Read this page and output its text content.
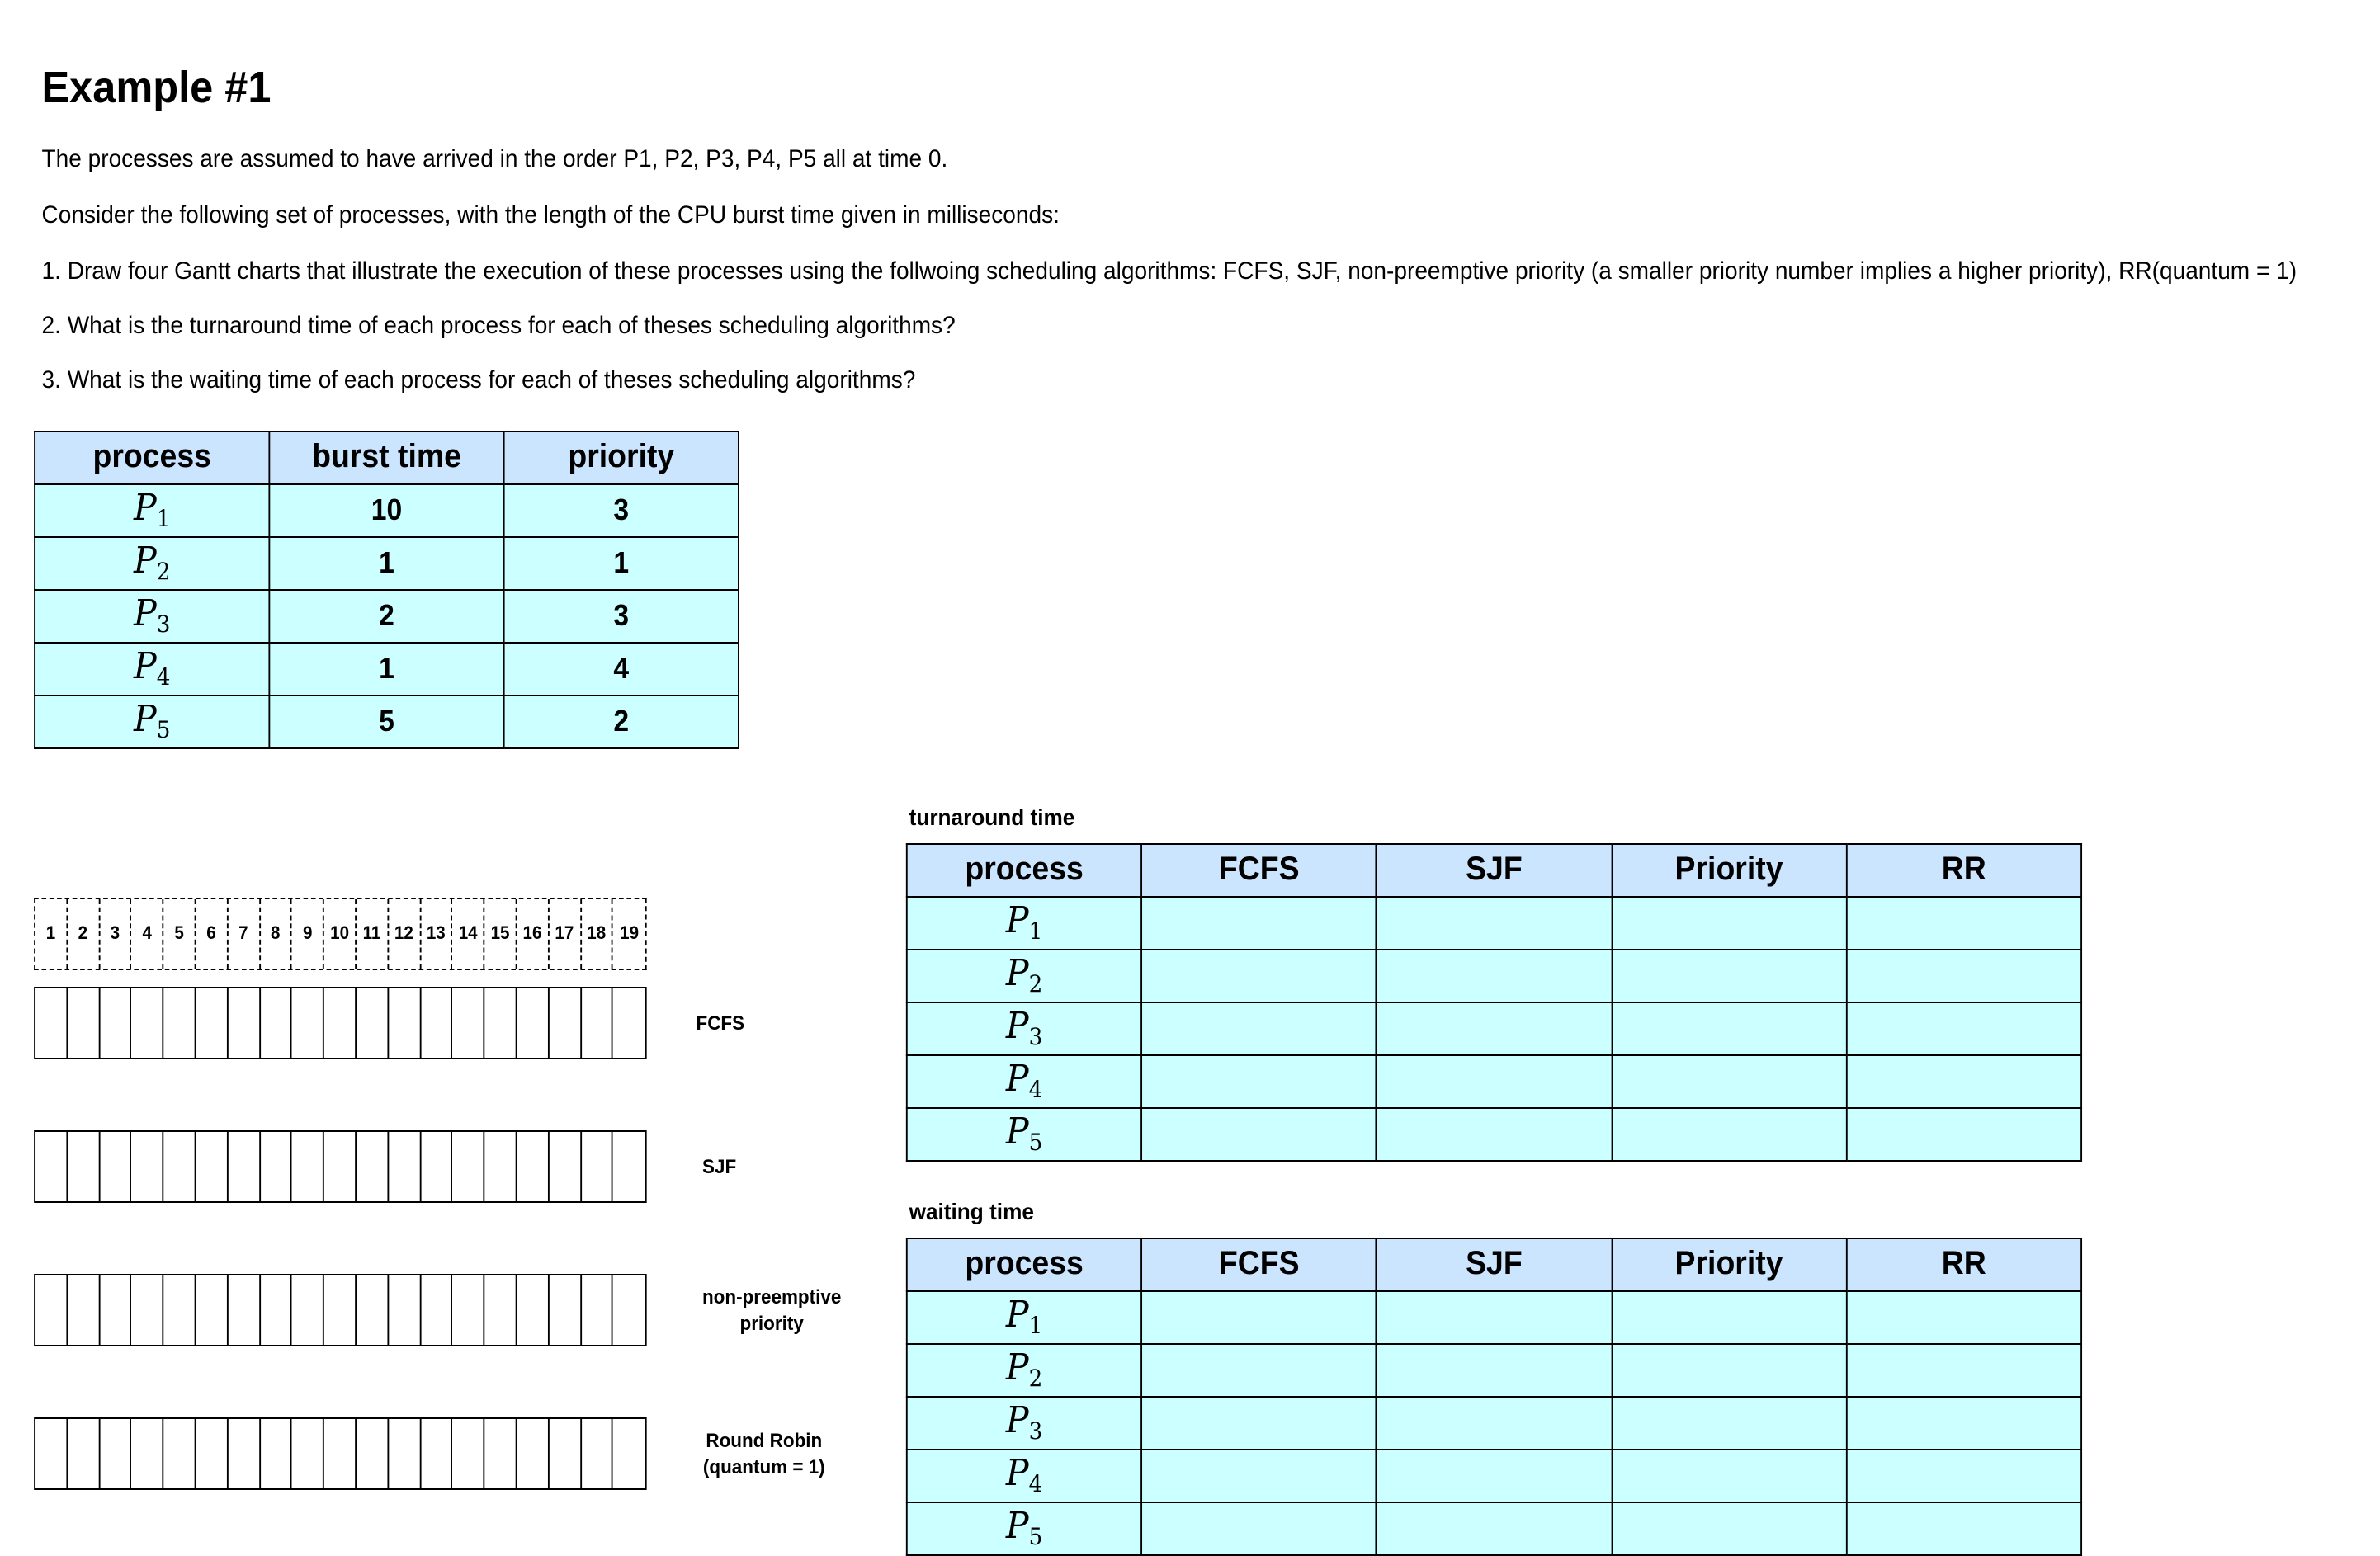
Example #1
The processes are assumed to have arrived in the order P1, P2, P3, P4, P5 all at time 0.
Consider the following set of processes, with the length of the CPU burst time given in milliseconds:
1. Draw four Gantt charts that illustrate the execution of these processes using the follwoing scheduling algorithms: FCFS, SJF, non-preemptive priority (a smaller priority number implies a higher priority), RR(quantum = 1)
2. What is the turnaround time of each process for each of theses scheduling algorithms?
3. What is the waiting time of each process for each of theses scheduling algorithms?
process	burst time	priority
$P_1$	10	3
$P_2$	1	1
$P_3$	2	3
$P_4$	1	4
$P_5$	5	2
1	2	3	4	5	6	7	8	9	10	11	12	13	14	15	16	17	18	19
FCFS
SJF
non-preemptive
priority
Round Robin
(quantum = 1)
turnaround time
process	FCFS	SJF	Priority	RR
$P_1$				
$P_2$				
$P_3$				
$P_4$				
$P_5$				
waiting time
process	FCFS	SJF	Priority	RR
$P_1$				
$P_2$				
$P_3$				
$P_4$				
$P_5$				
